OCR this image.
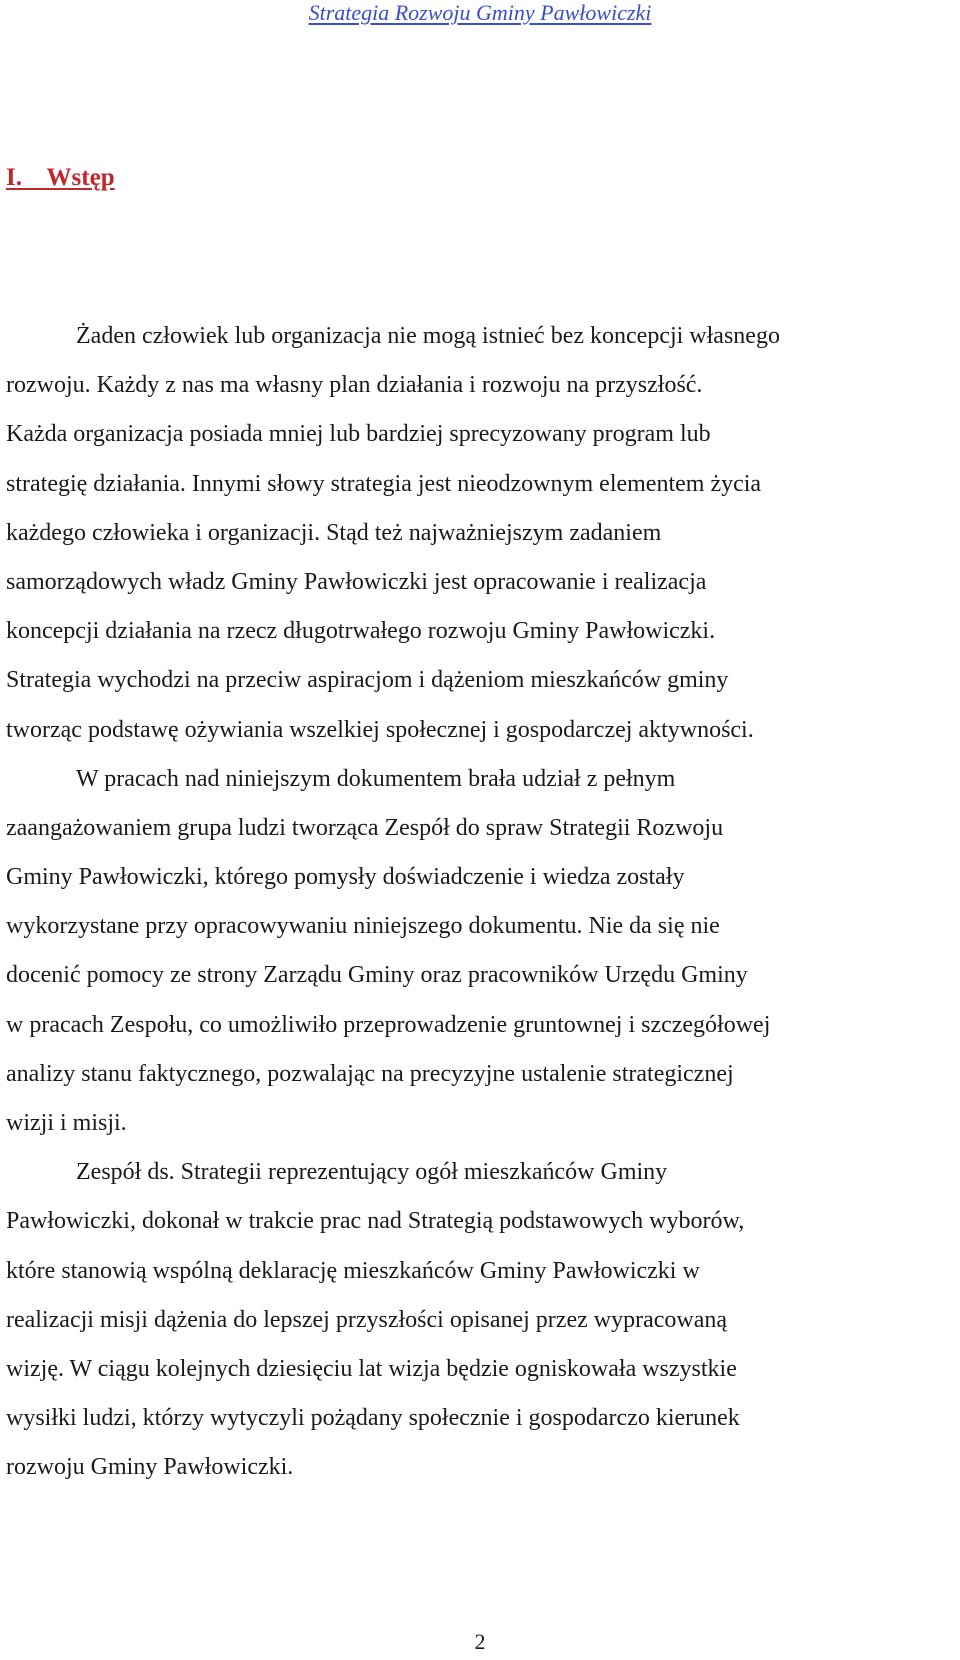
Strategia Rozwoju Gminy Pawłowiczki
I. Wstęp
Żaden człowiek lub organizacja nie mogą istnieć bez koncepcji własnego
rozwoju. Każdy z nas ma własny plan działania i rozwoju na przyszłość.
Każda organizacja posiada mniej lub bardziej sprecyzowany program lub
strategię działania. Innymi słowy strategia jest nieodzownym elementem życia
każdego człowieka i organizacji. Stąd też najważniejszym zadaniem
samorządowych władz Gminy Pawłowiczki jest opracowanie i realizacja
koncepcji działania na rzecz długotrwałego rozwoju Gminy Pawłowiczki.
Strategia wychodzi na przeciw aspiracjom i dążeniom mieszkańców gminy
tworząc podstawę ożywiania wszelkiej społecznej i gospodarczej aktywności.
W pracach nad niniejszym dokumentem brała udział z pełnym
zaangażowaniem grupa ludzi tworząca Zespół do spraw Strategii Rozwoju
Gminy Pawłowiczki, którego pomysły doświadczenie i wiedza zostały
wykorzystane przy opracowywaniu niniejszego dokumentu. Nie da się nie
docenić pomocy ze strony Zarządu Gminy oraz pracowników Urzędu Gminy
w pracach Zespołu, co umożliwiło przeprowadzenie gruntownej i szczegółowej
analizy stanu faktycznego, pozwalając na precyzyjne ustalenie strategicznej
wizji i misji.
Zespół ds. Strategii reprezentujący ogół mieszkańców Gminy
Pawłowiczki, dokonał w trakcie prac nad Strategią podstawowych wyborów,
które stanowią wspólną deklarację mieszkańców Gminy Pawłowiczki w
realizacji misji dążenia do lepszej przyszłości opisanej przez wypracowaną
wizję. W ciągu kolejnych dziesięciu lat wizja będzie ogniskowała wszystkie
wysiłki ludzi, którzy wytyczyli pożądany społecznie i gospodarczo kierunek
rozwoju Gminy Pawłowiczki.
2
